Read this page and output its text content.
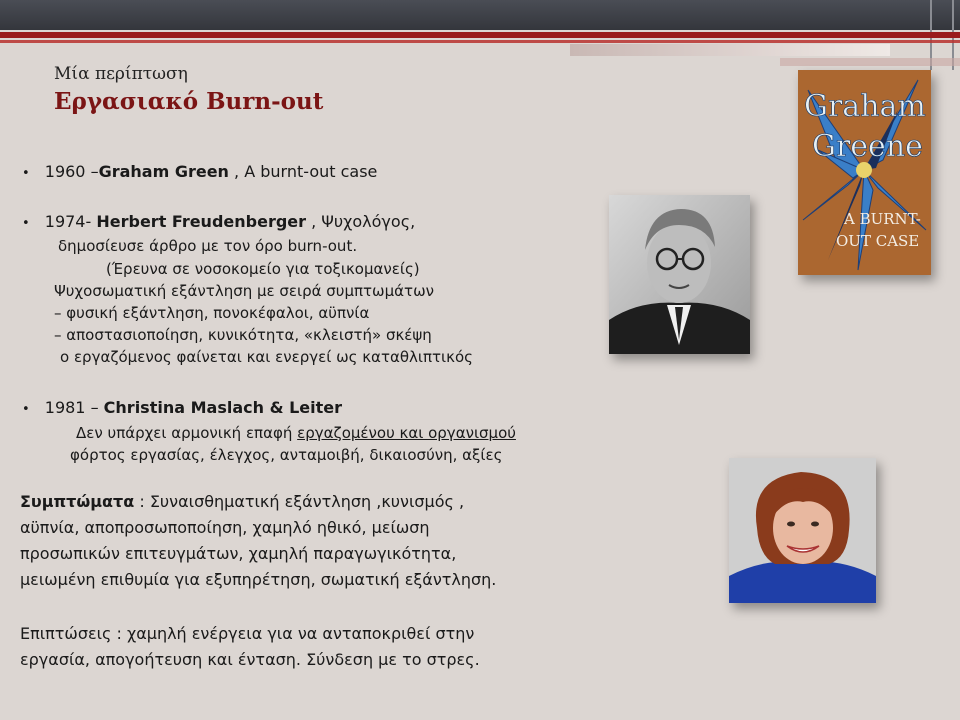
Μία περίπτωση
Εργασιακό Burn-out
• 1960 –Graham Green , A burnt-out case
• 1974- Herbert Freudenberger , Ψυχολόγος,
δημοσίευσε άρθρο με τον όρο burn-out.
(Έρευνα σε νοσοκομείο για τοξικομανείς)
Ψυχοσωματική εξάντληση με σειρά συμπτωμάτων
– φυσική εξάντληση, πονοκέφαλοι, αϋπνία
– αποστασιοποίηση, κυνικότητα, «κλειστή» σκέψη
ο εργαζόμενος φαίνεται και ενεργεί ως καταθλιπτικός
• 1981 – Christina Maslach & Leiter
Δεν υπάρχει αρμονική επαφή εργαζομένου και οργανισμού
φόρτος εργασίας, έλεγχος, ανταμοιβή, δικαιοσύνη, αξίες
Συμπτώματα : Συναισθηματική εξάντληση ,κυνισμός ,
αϋπνία, αποπροσωποποίηση, χαμηλό ηθικό, μείωση
προσωπικών επιτευγμάτων, χαμηλή παραγωγικότητα,
μειωμένη επιθυμία για εξυπηρέτηση, σωματική εξάντληση.
Επιπτώσεις : χαμηλή ενέργεια για να ανταποκριθεί στην
εργασία, απογοήτευση και ένταση. Σύνδεση με το στρες.
Graham
Greene
A BURNT-
OUT CASE
